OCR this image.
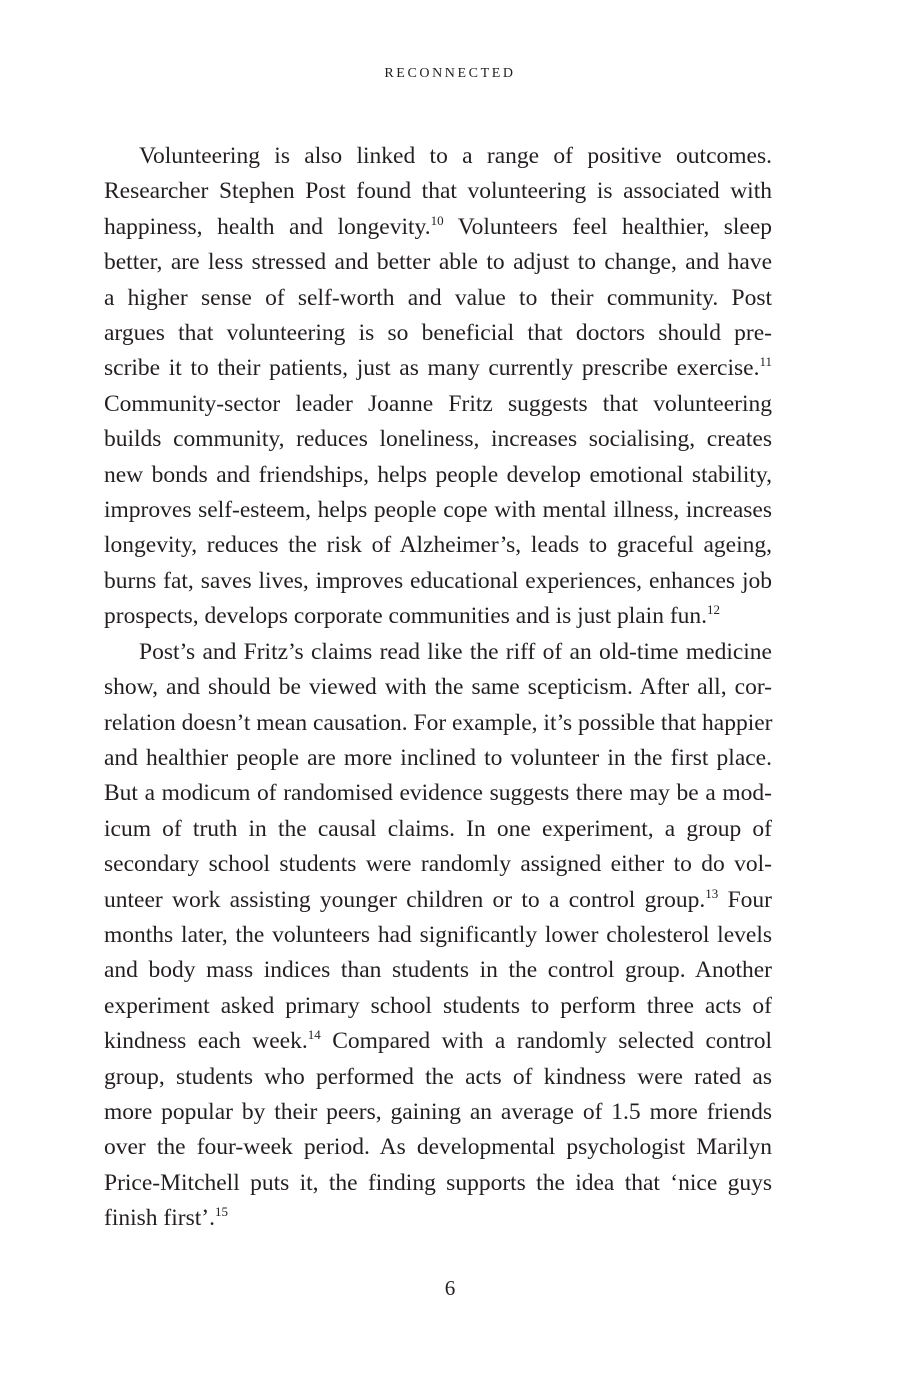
RECONNECTED
Volunteering is also linked to a range of positive outcomes.
Researcher Stephen Post found that volunteering is associated with
happiness, health and longevity.$^{10}$ Volunteers feel healthier, sleep
better, are less stressed and better able to adjust to change, and have
a higher sense of self-worth and value to their community. Post
argues that volunteering is so beneficial that doctors should pre-
scribe it to their patients, just as many currently prescribe exercise.$^{11}$
Community-sector leader Joanne Fritz suggests that volunteering
builds community, reduces loneliness, increases socialising, creates
new bonds and friendships, helps people develop emotional stability,
improves self-esteem, helps people cope with mental illness, increases
longevity, reduces the risk of Alzheimer’s, leads to graceful ageing,
burns fat, saves lives, improves educational experiences, enhances job
prospects, develops corporate communities and is just plain fun.$^{12}$
Post’s and Fritz’s claims read like the riff of an old-time medicine
show, and should be viewed with the same scepticism. After all, cor-
relation doesn’t mean causation. For example, it’s possible that happier
and healthier people are more inclined to volunteer in the first place.
But a modicum of randomised evidence suggests there may be a mod-
icum of truth in the causal claims. In one experiment, a group of
secondary school students were randomly assigned either to do vol-
unteer work assisting younger children or to a control group.$^{13}$ Four
months later, the volunteers had significantly lower cholesterol levels
and body mass indices than students in the control group. Another
experiment asked primary school students to perform three acts of
kindness each week.$^{14}$ Compared with a randomly selected control
group, students who performed the acts of kindness were rated as
more popular by their peers, gaining an average of 1.5 more friends
over the four-week period. As developmental psychologist Marilyn
Price-Mitchell puts it, the finding supports the idea that ‘nice guys
finish first’.$^{15}$
6
